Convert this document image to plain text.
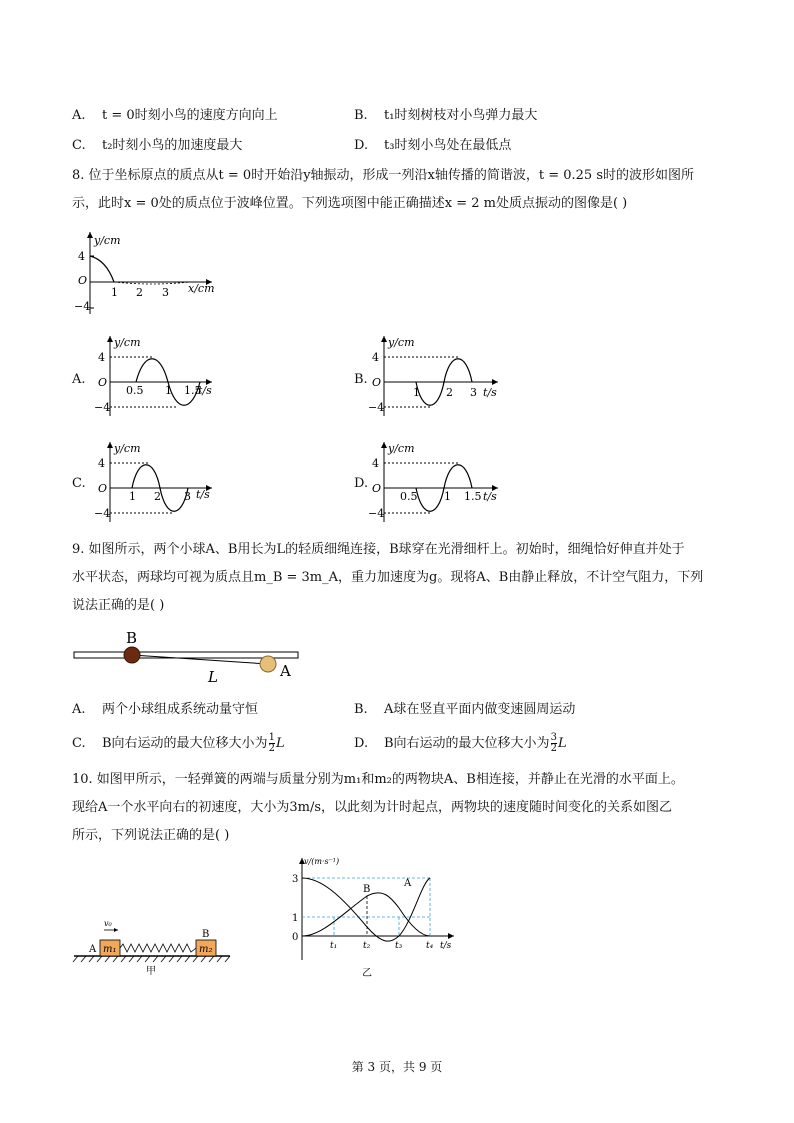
A. t = 0时刻小鸟的速度方向向上	B. t₁时刻树枝对小鸟弹力最大
C. t₂时刻小鸟的加速度最大	D. t₃时刻小鸟处在最低点
8. 位于坐标原点的质点从t = 0时开始沿y轴振动，形成一列沿x轴传播的简谐波，t = 0.25 s时的波形如图所
示，此时x = 0处的质点位于波峰位置。下列选项图中能正确描述x = 2 m处质点振动的图像是( )
y/cm
4
O
−4
1 2 3 x/cm
A.
y/cm
4
O
−4
0.5 1 1.5
t/s
B.
y/cm
4
O
−4
1 2 3 t/s
C.
y/cm
4
O
−4
1 2 3 t/s
D.
y/cm
4
O
−4
0.5 1 1.5 t/s
9. 如图所示，两个小球A、B用长为L的轻质细绳连接，B球穿在光滑细杆上。初始时，细绳恰好伸直并处于
水平状态，两球均可视为质点且m_B = 3m_A，重力加速度为g。现将A、B由静止释放，不计空气阻力，下列
说法正确的是( )
B
A
L
A. 两个小球组成系统动量守恒	B. A球在竖直平面内做变速圆周运动
C. B向右运动的最大位移大小为 $\frac{1}{2}$ L	D. B向右运动的最大位移大小为 $\frac{3}{2}$ L
10. 如图甲所示，一轻弹簧的两端与质量分别为m₁和m₂的两物块A、B相连接，并静止在光滑的水平面上。
现给A一个水平向右的初速度，大小为3m/s，以此刻为计时起点，两物块的速度随时间变化的关系如图乙
所示，下列说法正确的是( )
v₀
A
B
m₁	m₂
甲
v/(m·s⁻¹)
3
1
0
t₁	t₂	t₃	t₄ t/s
B
A
乙
第 3 页，共 9 页
